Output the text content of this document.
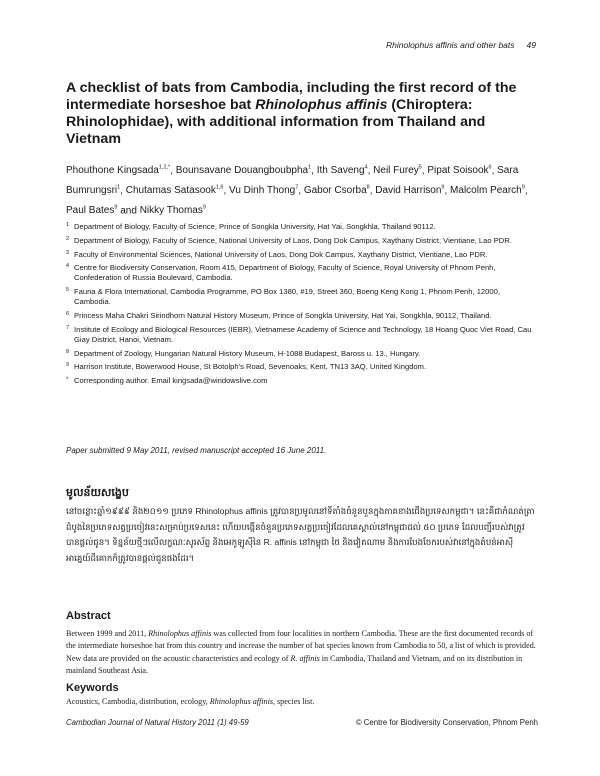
Rhinolophus affinis and other bats 49
A checklist of bats from Cambodia, including the first record of the intermediate horseshoe bat Rhinolophus affinis (Chiroptera: Rhinolophidae), with additional information from Thailand and Vietnam
Phouthone Kingsada$^{1,2,*}$, Bounsavane Douangboubpha$^1$, Ith Saveng$^4$, Neil Furey$^5$, Pipat Soisook$^6$, Sara Bumrungsri$^1$, Chutamas Satasook$^{1,6}$, Vu Dinh Thong$^7$, Gabor Csorba$^8$, David Harrison$^9$, Malcolm Pearch$^9$, Paul Bates$^9$ and Nikky Thomas$^9$
1 Department of Biology, Faculty of Science, Prince of Songkla University, Hat Yai, Songkhla, Thailand 90112.
2 Department of Biology, Faculty of Science, National University of Laos, Dong Dok Campus, Xaythany District, Vientiane, Lao PDR.
3 Faculty of Environmental Sciences, National University of Laos, Dong Dok Campus, Xaythany District, Vientiane, Lao PDR.
4 Centre for Biodiversity Conservation, Room 415, Department of Biology, Faculty of Science, Royal University of Phnom Penh, Confederation of Russia Boulevard, Cambodia.
5 Fauna & Flora International, Cambodia Programme, PO Box 1380, #19, Street 360, Boeng Keng Kong 1, Phnom Penh, 12000, Cambodia.
6 Princess Maha Chakri Sirindhorn Natural History Museum, Prince of Songkla University, Hat Yai, Songkhla, 90112, Thailand.
7 Institute of Ecology and Biological Resources (IEBR), Vietnamese Academy of Science and Technology, 18 Hoang Quoc Viet Road, Cau Giay District, Hanoi, Vietnam.
8 Department of Zoology, Hungarian Natural History Museum, H-1088 Budapest, Baross u. 13., Hungary.
9 Harrison Institute, Bowerwood House, St Botolph's Road, Sevenoaks, Kent, TN13 3AQ, United Kingdom.
* Corresponding author. Email kingsada@windowslive.com
Paper submitted 9 May 2011, revised manuscript accepted 16 June 2011.
មូលន័យសង្ខេប
នៅចន្លោះឆ្នាំ១៩៩៩ និង២០១១ ប្រភេទ Rhinolophus affinis ត្រូវបានប្រមូលនៅទីតាំងចំនួនបួនក្នុងភាគខាងជើងប្រទេសកម្ពុជា។ នេះគឺជាកំណត់ត្រាដំបូងនៃប្រភេទសត្វប្រចៀវនេះសម្រាប់ប្រទេសនេះ ហើយបង្កើនចំនួនប្រភេទសត្វប្រចៀវដែលគេស្គាល់នៅកម្ពុជាដល់ ៥០ ប្រភេទ ដែលបញ្ជីរបស់វាត្រូវបានផ្តល់ជូន។ ទិន្នន័យថ្មីៗលើលក្ខណៈសូរស័ព្ទ និងអេកូឡូស៊ីនៃ R. affinis នៅកម្ពុជា ថៃ និងវៀតណាម និងការបែងចែករបស់វានៅក្នុងតំបន់អាស៊ីអាគ្នេយ៍ដីគោកក៏ត្រូវបានផ្តល់ជូនផងដែរ។
Abstract
Between 1999 and 2011, Rhinolophus affinis was collected from four localities in northern Cambodia. These are the first documented records of the intermediate horseshoe bat from this country and increase the number of bat species known from Cambodia to 50, a list of which is provided. New data are provided on the acoustic characteristics and ecology of R. affinis in Cambodia, Thailand and Vietnam, and on its distribution in mainland Southeast Asia.
Keywords
Acoustics, Cambodia, distribution, ecology, Rhinolophus affinis, species list.
Cambodian Journal of Natural History 2011 (1) 49-59	© Centre for Biodiversity Conservation, Phnom Penh
